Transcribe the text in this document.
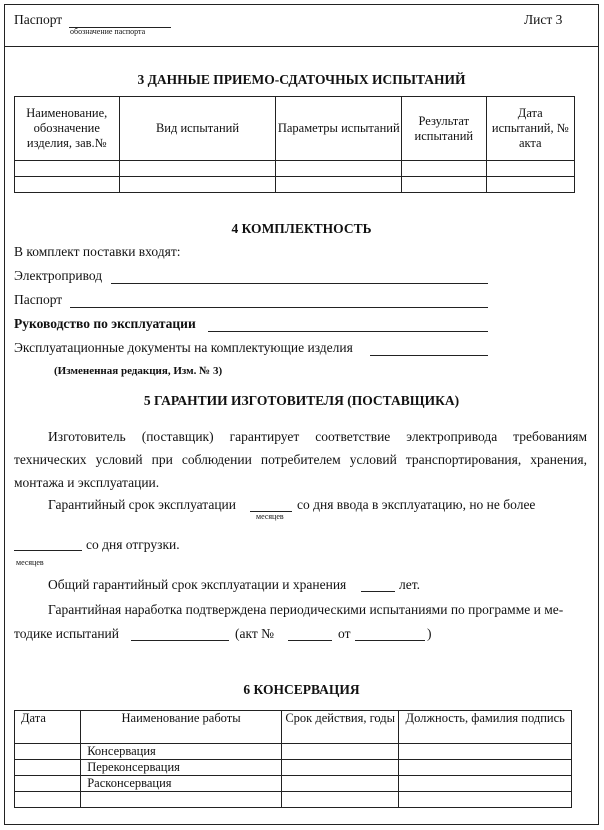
Паспорт
обозначение паспорта
Лист 3
3 ДАННЫЕ ПРИЕМО-СДАТОЧНЫХ ИСПЫТАНИЙ
Наименование, обозначение изделия, зав.№	Вид испытаний	Параметры испытаний	Результат испытаний	Дата испытаний, № акта

4 КОМПЛЕКТНОСТЬ
В комплект поставки входят:
Электропривод
Паспорт
Руководство по эксплуатации
Эксплуатационные документы на комплектующие изделия
(Измененная редакция, Изм. № 3)
5 ГАРАНТИИ ИЗГОТОВИТЕЛЯ (ПОСТАВЩИКА)
Изготовитель (поставщик) гарантирует соответствие электропривода требованиям технических условий при соблюдении потребителем условий транспортирования, хранения, монтажа и эксплуатации.
Гарантийный срок эксплуатации
месяцев
со дня ввода в эксплуатацию, но не более
со дня отгрузки.
месяцев
Общий гарантийный срок эксплуатации и хранения	лет.
Гарантийная наработка подтверждена периодическими испытаниями по программе и ме-
тодике испытаний	(акт №	от	)
6 КОНСЕРВАЦИЯ
Дата	Наименование работы	Срок действия, годы	Должность, фамилия подпись
	Консервация		
	Переконсервация		
	Расконсервация		
